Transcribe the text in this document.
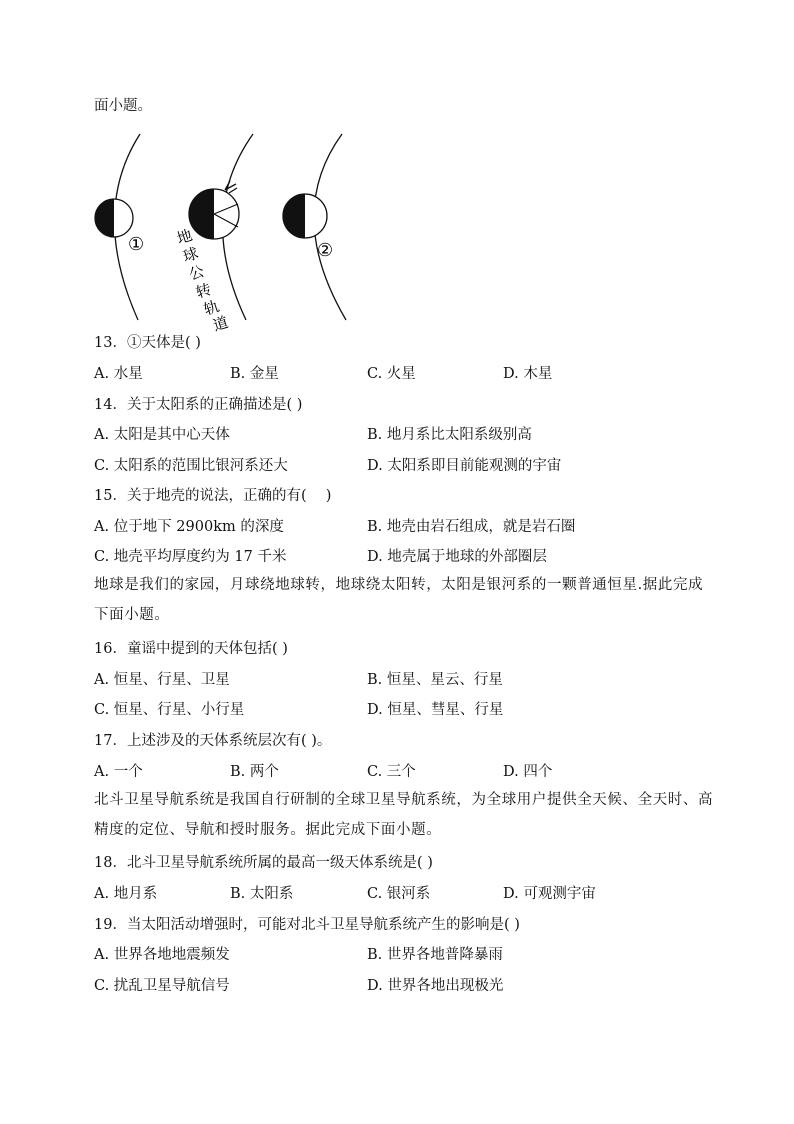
面小题。
①	②
地
球
公
转
轨
道
13．①天体是( )
A. 水星	B. 金星	C. 火星	D. 木星
14．关于太阳系的正确描述是( )
A. 太阳是其中心天体	B. 地月系比太阳系级别高
C. 太阳系的范围比银河系还大	D. 太阳系即目前能观测的宇宙
15．关于地壳的说法，正确的有(　 )
A. 位于地下 2900km 的深度	B. 地壳由岩石组成，就是岩石圈
C. 地壳平均厚度约为 17 千米	D. 地壳属于地球的外部圈层
地球是我们的家园，月球绕地球转，地球绕太阳转，太阳是银河系的一颗普通恒星.据此完成下面小题。
16．童谣中提到的天体包括( )
A. 恒星、行星、卫星	B. 恒星、星云、行星
C. 恒星、行星、小行星	D. 恒星、彗星、行星
17．上述涉及的天体系统层次有( )。
A. 一个	B. 两个	C. 三个	D. 四个
北斗卫星导航系统是我国自行研制的全球卫星导航系统，为全球用户提供全天候、全天时、高精度的定位、导航和授时服务。据此完成下面小题。
18．北斗卫星导航系统所属的最高一级天体系统是( )
A. 地月系	B. 太阳系	C. 银河系	D. 可观测宇宙
19．当太阳活动增强时，可能对北斗卫星导航系统产生的影响是( )
A. 世界各地地震频发	B. 世界各地普降暴雨
C. 扰乱卫星导航信号	D. 世界各地出现极光
